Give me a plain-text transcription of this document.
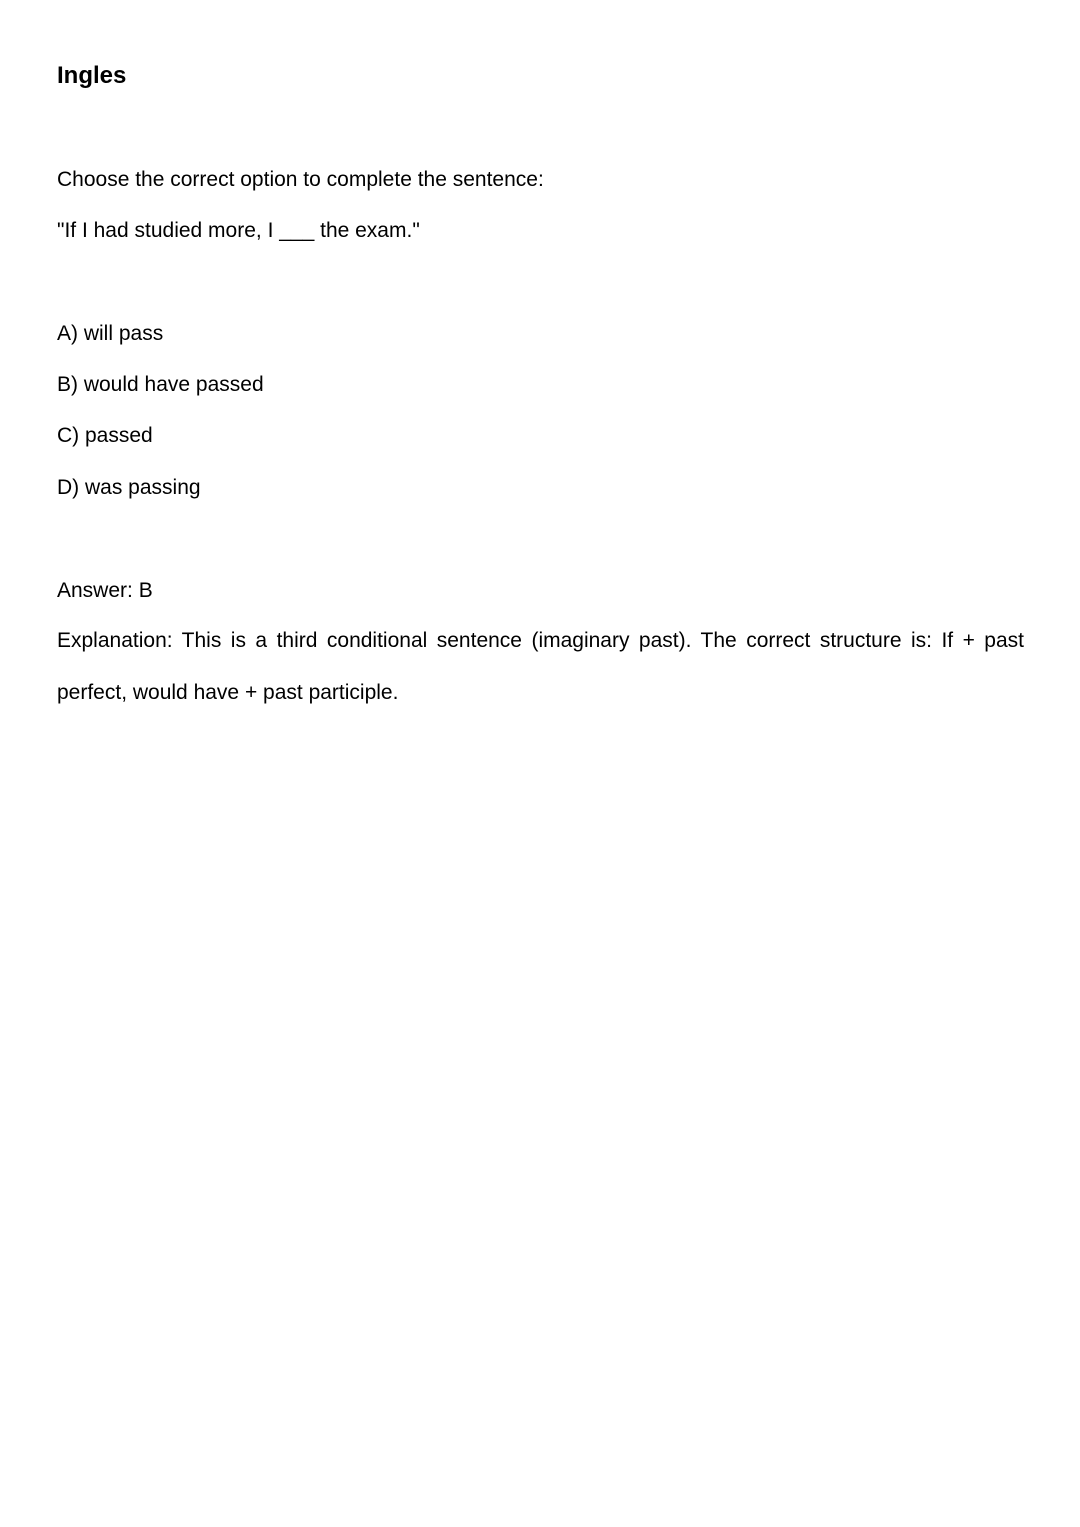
Ingles

Choose the correct option to complete the sentence:

"If I had studied more, I ___ the exam."

A) will pass

B) would have passed

C) passed

D) was passing

Answer: B

Explanation: This is a third conditional sentence (imaginary past). The correct structure is: If + past perfect, would have + past participle.
